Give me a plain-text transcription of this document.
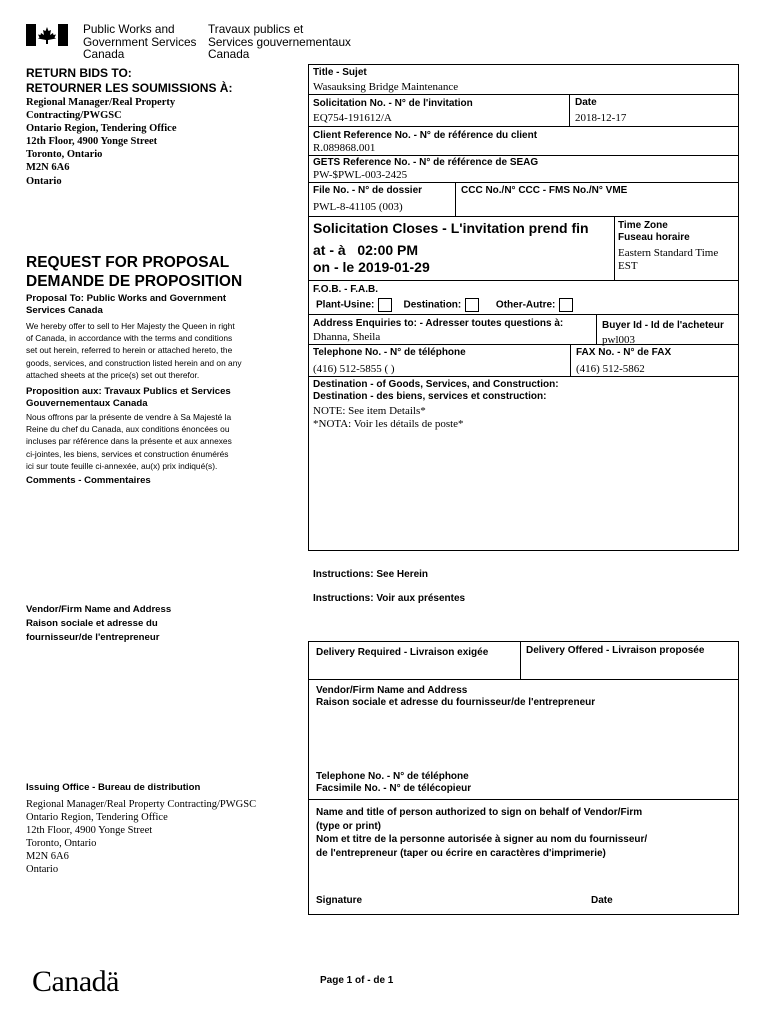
Public Works and
Government Services
Canada
Travaux publics et
Services gouvernementaux
Canada
RETURN BIDS TO:
RETOURNER LES SOUMISSIONS À:
Regional Manager/Real Property
Contracting/PWGSC
Ontario Region, Tendering Office
12th Floor, 4900 Yonge Street
Toronto, Ontario
M2N 6A6
Ontario
REQUEST FOR PROPOSAL
DEMANDE DE PROPOSITION
Proposal To: Public Works and Government
Services Canada
We hereby offer to sell to Her Majesty the Queen in right
of Canada, in accordance with the terms and conditions
set out herein, referred to herein or attached hereto, the
goods, services, and construction listed herein and on any
attached sheets at the price(s) set out therefor.
Proposition aux: Travaux Publics et Services
Gouvernementaux Canada
Nous offrons par la présente de vendre à Sa Majesté la
Reine du chef du Canada, aux conditions énoncées ou
incluses par référence dans la présente et aux annexes
ci-jointes, les biens, services et construction énumérés
ici sur toute feuille ci-annexée, au(x) prix indiqué(s).
Comments - Commentaires
Vendor/Firm Name and Address
Raison sociale et adresse du
fournisseur/de l'entrepreneur
Issuing Office - Bureau de distribution
Regional Manager/Real Property Contracting/PWGSC
Ontario Region, Tendering Office
12th Floor, 4900 Yonge Street
Toronto, Ontario
M2N 6A6
Ontario
Title - Sujet
Wasauksing Bridge Maintenance
Solicitation No. - N° de l'invitation
EQ754-191612/A
Date
2018-12-17
Client Reference No. - N° de référence du client
R.089868.001
GETS Reference No. - N° de référence de SEAG
PW-$PWL-003-2425
File No. - N° de dossier
PWL-8-41105 (003)
CCC No./N° CCC - FMS No./N° VME
Solicitation Closes - L'invitation prend fin
at - à 02:00 PM
on - le 2019-01-29
Time Zone
Fuseau horaire
Eastern Standard Time
EST
F.O.B. - F.A.B.
Plant-Usine:	Destination:	Other-Autre:
Address Enquiries to: - Adresser toutes questions à:
Dhanna, Sheila
Buyer Id - Id de l'acheteur
pwl003
Telephone No. - N° de téléphone
(416) 512-5855 ( )
FAX No. - N° de FAX
(416) 512-5862
Destination - of Goods, Services, and Construction:
Destination - des biens, services et construction:
NOTE: See item Details*
*NOTA: Voir les détails de poste*
Instructions: See Herein
Instructions: Voir aux présentes
Delivery Required - Livraison exigée	Delivery Offered - Livraison proposée
Vendor/Firm Name and Address
Raison sociale et adresse du fournisseur/de l'entrepreneur
Telephone No. - N° de téléphone
Facsimile No. - N° de télécopieur
Name and title of person authorized to sign on behalf of Vendor/Firm
(type or print)
Nom et titre de la personne autorisée à signer au nom du fournisseur/
de l'entrepreneur (taper ou écrire en caractères d'imprimerie)
Signature	Date
Canadä	Page 1 of - de 1
